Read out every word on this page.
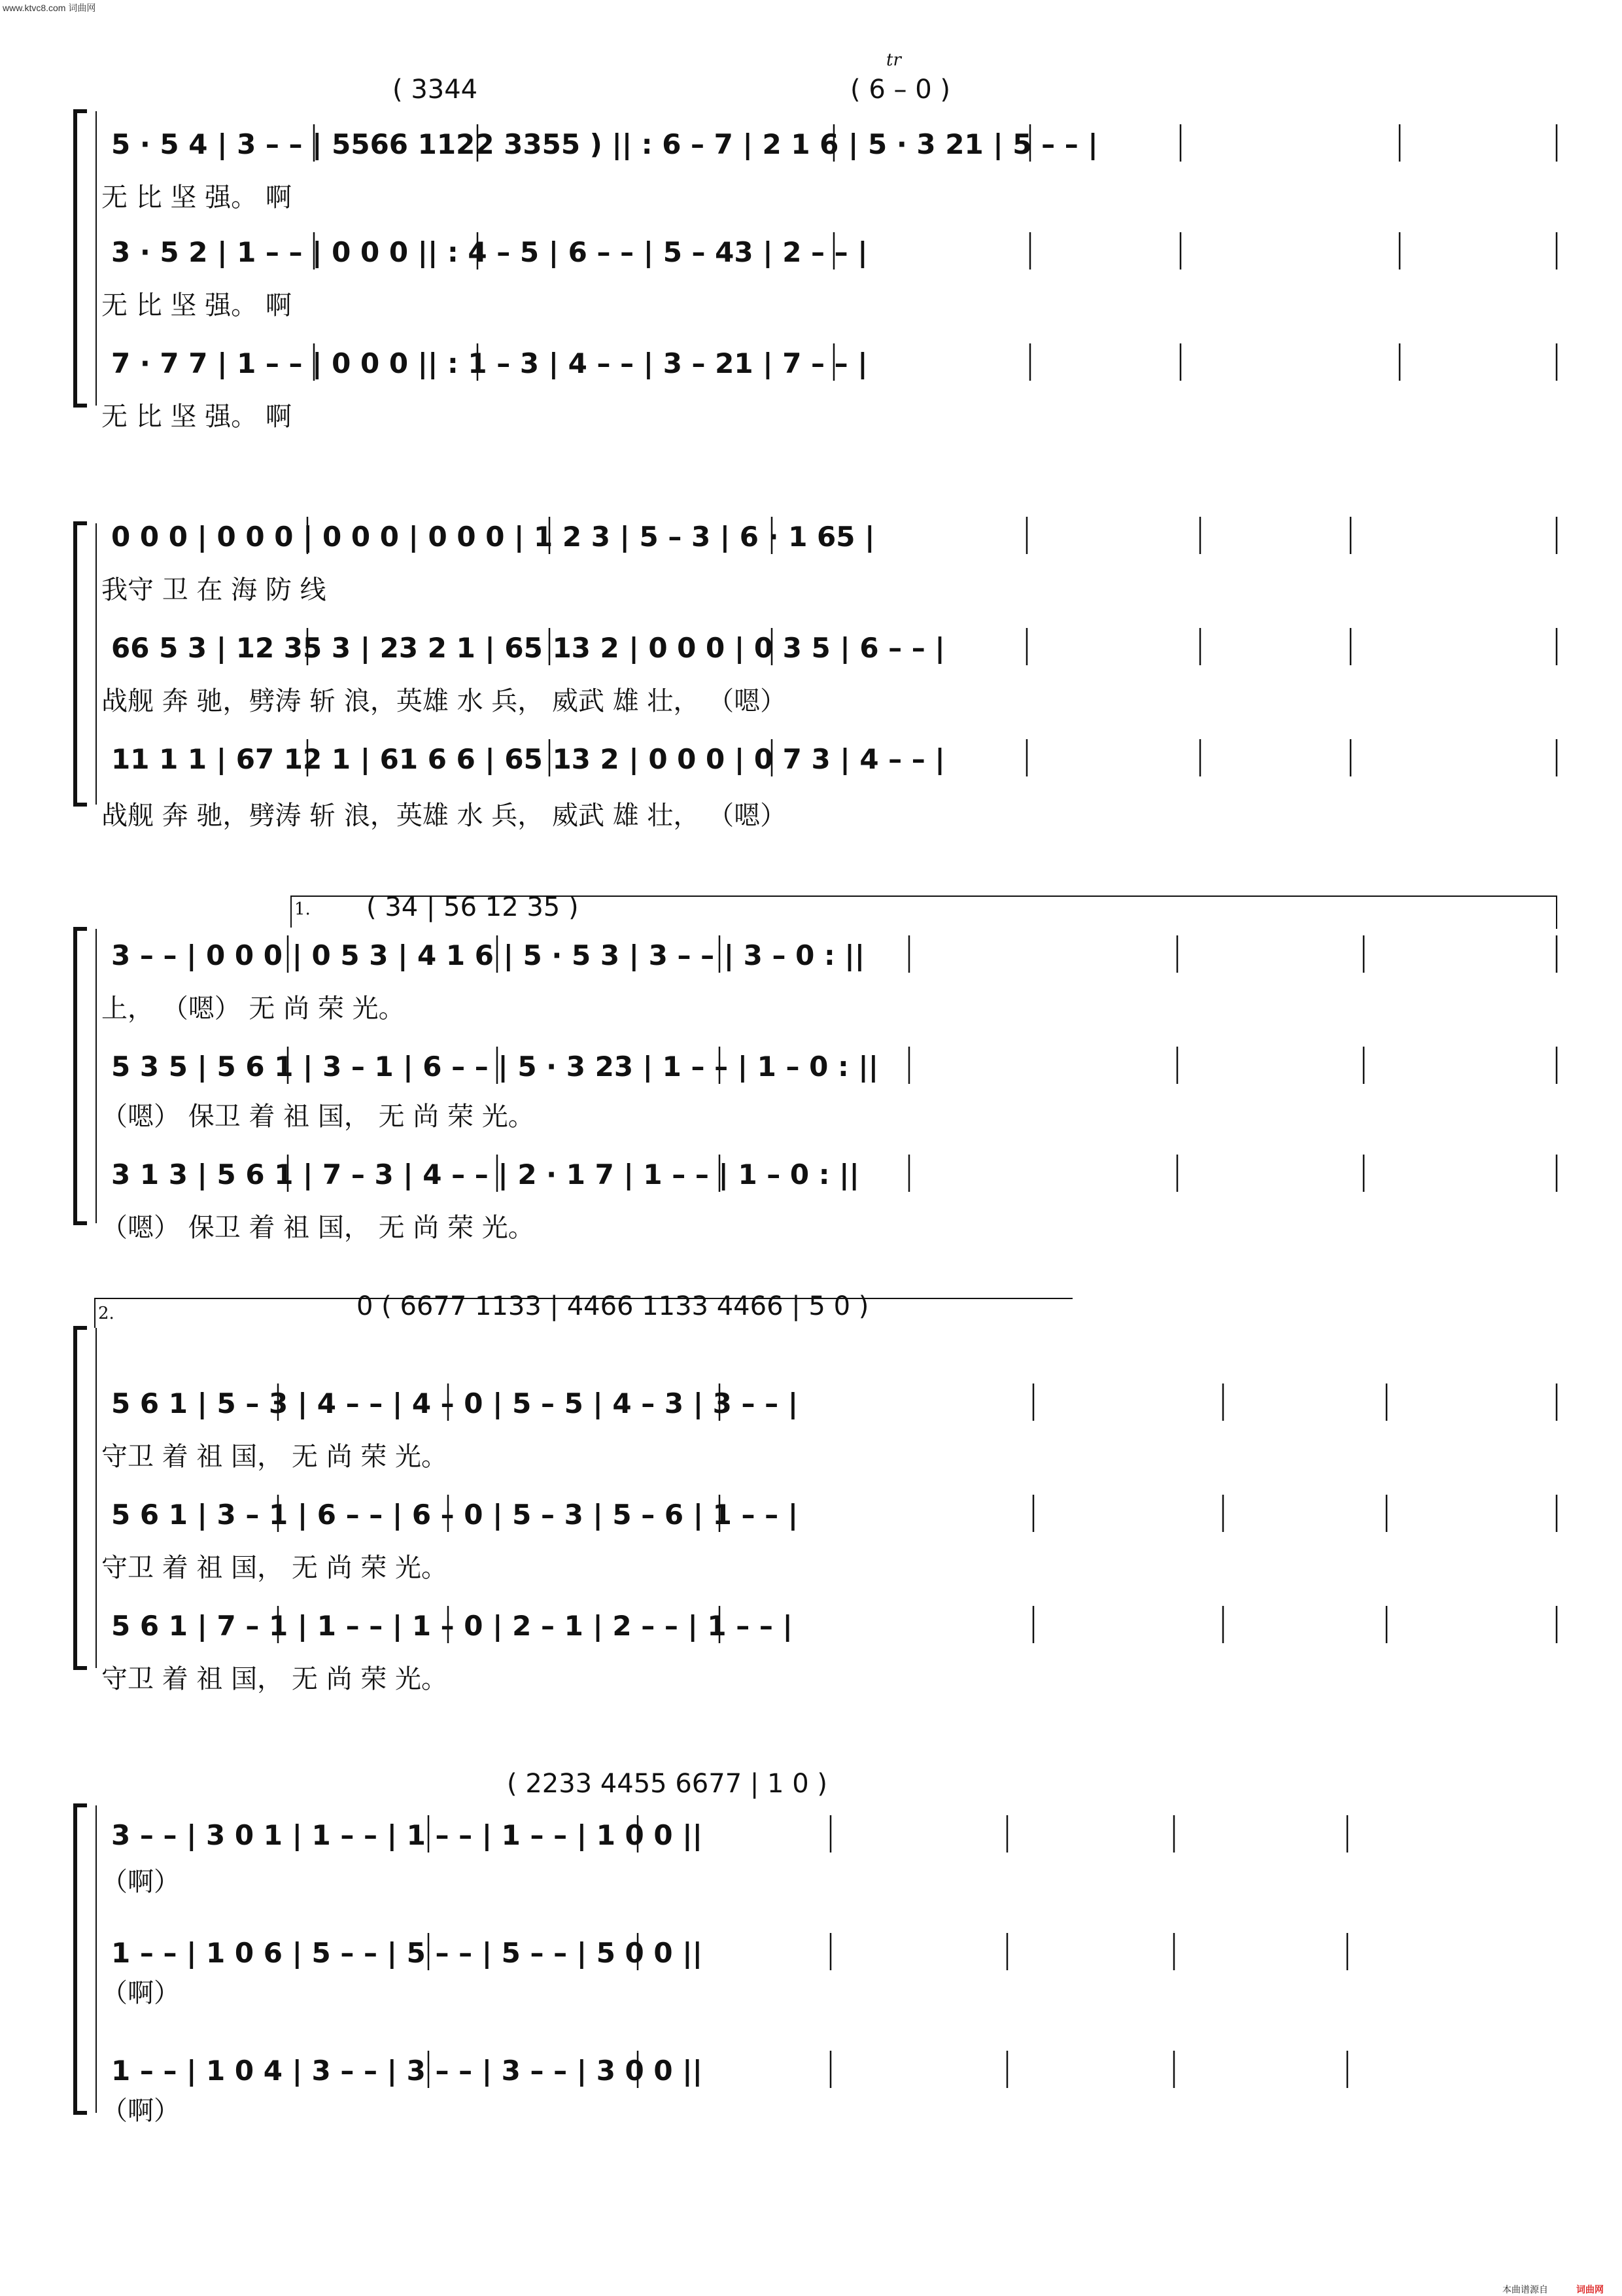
www.ktvc8.com 词曲网
本曲谱源自	词曲网
1.
2.
tr
5 · 5 4 | 3 – – | 5566 1122 3355 ) || : 6 – 7 | 2 1 6 | 5 · 3 21 | 5 – – |
无 比 坚 强。 啊
3 · 5 2 | 1 – – | 0 0 0 || : 4 – 5 | 6 – – | 5 – 43 | 2 – – |
无 比 坚 强。 啊
7 · 7 7 | 1 – – | 0 0 0 || : 1 – 3 | 4 – – | 3 – 21 | 7 – – |
无 比 坚 强。 啊
( 3344	( 6 – 0 )
0 0 0 | 0 0 0 | 0 0 0 | 0 0 0 | 1 2 3 | 5 – 3 | 6 · 1 65 |
我守 卫 在 海 防 线
66 5 3 | 12 35 3 | 23 2 1 | 65 13 2 | 0 0 0 | 0 3 5 | 6 – – |
战舰 奔 驰，劈涛 斩 浪，英雄 水 兵， 威武 雄 壮， （嗯）
11 1 1 | 67 12 1 | 61 6 6 | 65 13 2 | 0 0 0 | 0 7 3 | 4 – – |
战舰 奔 驰，劈涛 斩 浪，英雄 水 兵， 威武 雄 壮， （嗯）
3 – – | 0 0 0 | 0 5 3 | 4 1 6 | 5 · 5 3 | 3 – – | 3 – 0 : ||
上， （嗯） 无 尚 荣 光。
5 3 5 | 5 6 1 | 3 – 1 | 6 – – | 5 · 3 23 | 1 – – | 1 – 0 : ||
（嗯） 保卫 着 祖 国， 无 尚 荣 光。
3 1 3 | 5 6 1 | 7 – 3 | 4 – – | 2 · 1 7 | 1 – – | 1 – 0 : ||
（嗯） 保卫 着 祖 国， 无 尚 荣 光。
( 34 | 56 12 35 )
5 6 1 | 5 – 3 | 4 – – | 4 – 0 | 5 – 5 | 4 – 3 | 3 – – |
守卫 着 祖 国， 无 尚 荣 光。
5 6 1 | 3 – 1 | 6 – – | 6 – 0 | 5 – 3 | 5 – 6 | 1 – – |
守卫 着 祖 国， 无 尚 荣 光。
5 6 1 | 7 – 1 | 1 – – | 1 – 0 | 2 – 1 | 2 – – | 1 – – |
守卫 着 祖 国， 无 尚 荣 光。
0 ( 6677 1133 | 4466 1133 4466 | 5 0 )
3 – – | 3 0 1 | 1 – – | 1 – – | 1 – – | 1 0 0 ||
（啊）
1 – – | 1 0 6 | 5 – – | 5 – – | 5 – – | 5 0 0 ||
（啊）
1 – – | 1 0 4 | 3 – – | 3 – – | 3 – – | 3 0 0 ||
（啊）
( 2233 4455 6677 | 1 0 )
